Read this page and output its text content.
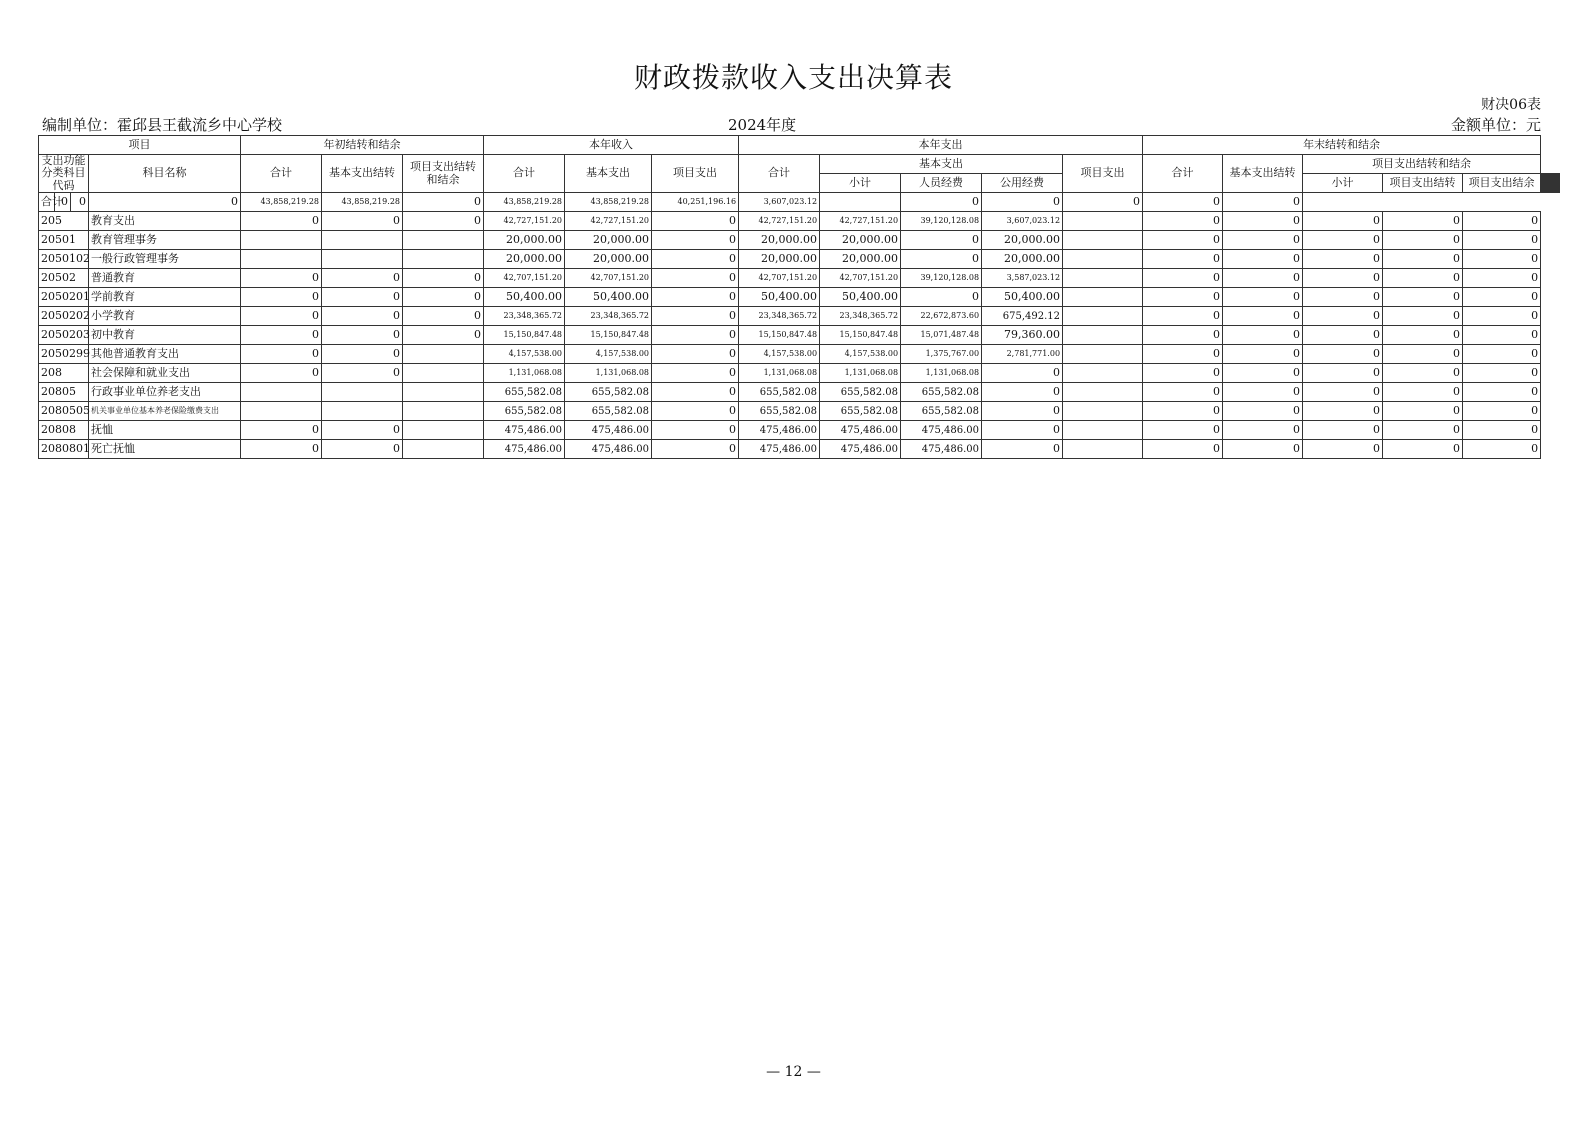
财政拨款收入支出决算表
财决06表
编制单位：霍邱县王截流乡中心学校	2024年度	金额单位：元
项目				年初结转和结余			本年收入			本年支出					年末结转和结余														
支出功能分类科目代码			科目名称	合计	基本支出结转	项目支出结转和结余	合计	基本支出	项目支出	合计	基本支出			项目支出	合计	基本支出结转	项目支出结转和结余												
											小计	人员经费	公用经费				小计	项目支出结转	项目支出结余										

合计	0	0	0	43,858,219.28	43,858,219.28	0	43,858,219.28	43,858,219.28	40,251,196.16	3,607,023.12		0	0	0	0	0													
205			教育支出	0	0	0	42,727,151.20	42,727,151.20	0	42,727,151.20	42,727,151.20	39,120,128.08	3,607,023.12		0	0	0	0	0										
20501			教育管理事务				20,000.00	20,000.00	0	20,000.00	20,000.00	0	20,000.00		0	0	0	0	0										
2050102			一般行政管理事务				20,000.00	20,000.00	0	20,000.00	20,000.00	0	20,000.00		0	0	0	0	0										
20502			普通教育	0	0	0	42,707,151.20	42,707,151.20	0	42,707,151.20	42,707,151.20	39,120,128.08	3,587,023.12		0	0	0	0	0										
2050201			学前教育	0	0	0	50,400.00	50,400.00	0	50,400.00	50,400.00	0	50,400.00		0	0	0	0	0										
2050202			小学教育	0	0	0	23,348,365.72	23,348,365.72	0	23,348,365.72	23,348,365.72	22,672,873.60	675,492.12		0	0	0	0	0										
2050203			初中教育	0	0	0	15,150,847.48	15,150,847.48	0	15,150,847.48	15,150,847.48	15,071,487.48	79,360.00		0	0	0	0	0										
2050299			其他普通教育支出	0	0		4,157,538.00	4,157,538.00	0	4,157,538.00	4,157,538.00	1,375,767.00	2,781,771.00		0	0	0	0	0										
208			社会保障和就业支出	0	0		1,131,068.08	1,131,068.08	0	1,131,068.08	1,131,068.08	1,131,068.08	0		0	0	0	0	0										
20805			行政事业单位养老支出				655,582.08	655,582.08	0	655,582.08	655,582.08	655,582.08	0		0	0	0	0	0										
2080505			机关事业单位基本养老保险缴费支出				655,582.08	655,582.08	0	655,582.08	655,582.08	655,582.08	0		0	0	0	0	0										
20808			抚恤	0	0		475,486.00	475,486.00	0	475,486.00	475,486.00	475,486.00	0		0	0	0	0	0										
2080801			死亡抚恤	0	0		475,486.00	475,486.00	0	475,486.00	475,486.00	475,486.00	0		0	0	0	0	0										
— 12 —
